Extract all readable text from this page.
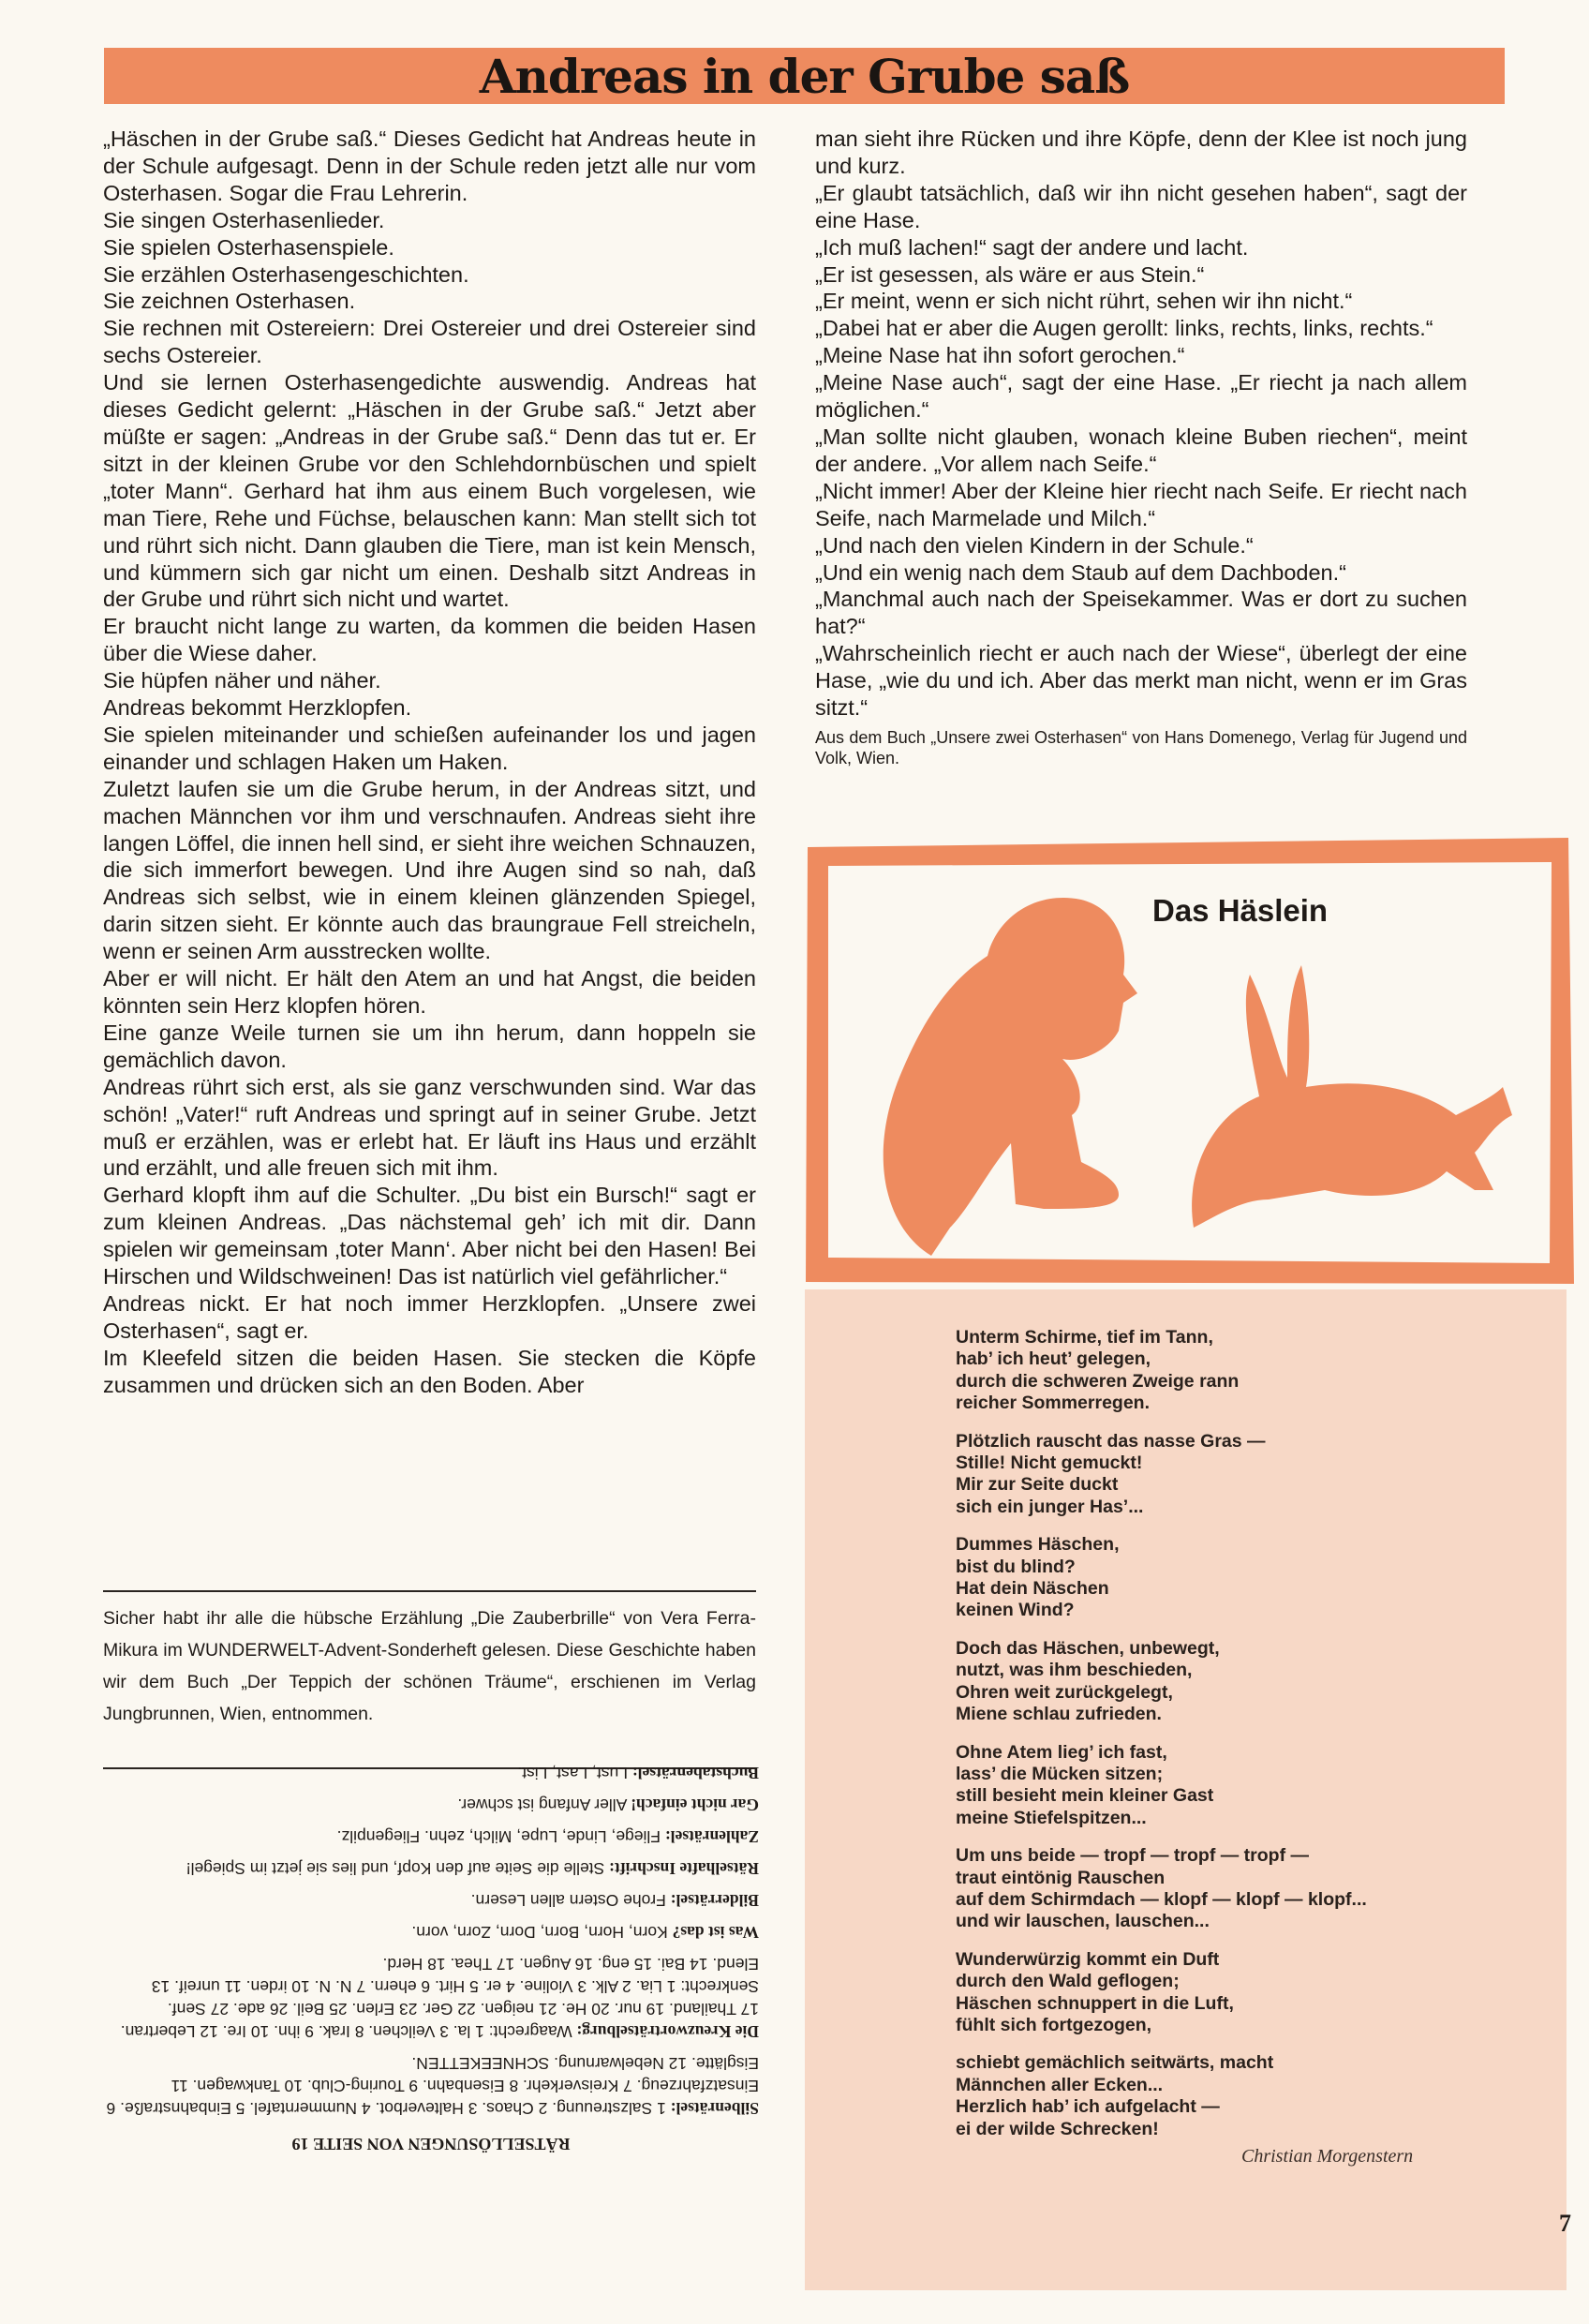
Andreas in der Grube saß

„Häschen in der Grube saß.“ Dieses Gedicht hat Andreas heute in der Schule aufgesagt. Denn in der Schule reden jetzt alle nur vom Osterhasen. Sogar die Frau Lehrerin.

Sie singen Osterhasenlieder.

Sie spielen Osterhasenspiele.

Sie erzählen Osterhasengeschichten.

Sie zeichnen Osterhasen.

Sie rechnen mit Ostereiern: Drei Ostereier und drei Ostereier sind sechs Ostereier.

Und sie lernen Osterhasengedichte auswendig. Andreas hat dieses Gedicht gelernt: „Häschen in der Grube saß.“ Jetzt aber müßte er sagen: „Andreas in der Grube saß.“ Denn das tut er. Er sitzt in der kleinen Grube vor den Schlehdornbüschen und spielt „toter Mann“. Gerhard hat ihm aus einem Buch vorgelesen, wie man Tiere, Rehe und Füchse, belauschen kann: Man stellt sich tot und rührt sich nicht. Dann glauben die Tiere, man ist kein Mensch, und kümmern sich gar nicht um einen. Deshalb sitzt Andreas in der Grube und rührt sich nicht und wartet.

Er braucht nicht lange zu warten, da kommen die beiden Hasen über die Wiese daher.

Sie hüpfen näher und näher.

Andreas bekommt Herzklopfen.

Sie spielen miteinander und schießen aufeinander los und jagen einander und schlagen Haken um Haken.

Zuletzt laufen sie um die Grube herum, in der Andreas sitzt, und machen Männchen vor ihm und verschnaufen. Andreas sieht ihre langen Löffel, die innen hell sind, er sieht ihre weichen Schnauzen, die sich immerfort bewegen. Und ihre Augen sind so nah, daß Andreas sich selbst, wie in einem kleinen glänzenden Spiegel, darin sitzen sieht. Er könnte auch das braungraue Fell streicheln, wenn er seinen Arm ausstrecken wollte.

Aber er will nicht. Er hält den Atem an und hat Angst, die beiden könnten sein Herz klopfen hören.

Eine ganze Weile turnen sie um ihn herum, dann hoppeln sie gemächlich davon.

Andreas rührt sich erst, als sie ganz verschwunden sind. War das schön! „Vater!“ ruft Andreas und springt auf in seiner Grube. Jetzt muß er erzählen, was er erlebt hat. Er läuft ins Haus und erzählt und erzählt, und alle freuen sich mit ihm.

Gerhard klopft ihm auf die Schulter. „Du bist ein Bursch!“ sagt er zum kleinen Andreas. „Das nächstemal geh’ ich mit dir. Dann spielen wir gemeinsam ‚toter Mann‘. Aber nicht bei den Hasen! Bei Hirschen und Wildschweinen! Das ist natürlich viel gefährlicher.“

Andreas nickt. Er hat noch immer Herzklopfen. „Unsere zwei Osterhasen“, sagt er.

Im Kleefeld sitzen die beiden Hasen. Sie stecken die Köpfe zusammen und drücken sich an den Boden. Aber

man sieht ihre Rücken und ihre Köpfe, denn der Klee ist noch jung und kurz.

„Er glaubt tatsächlich, daß wir ihn nicht gesehen haben“, sagt der eine Hase.

„Ich muß lachen!“ sagt der andere und lacht.

„Er ist gesessen, als wäre er aus Stein.“

„Er meint, wenn er sich nicht rührt, sehen wir ihn nicht.“

„Dabei hat er aber die Augen gerollt: links, rechts, links, rechts.“

„Meine Nase hat ihn sofort gerochen.“

„Meine Nase auch“, sagt der eine Hase. „Er riecht ja nach allem möglichen.“

„Man sollte nicht glauben, wonach kleine Buben riechen“, meint der andere. „Vor allem nach Seife.“

„Nicht immer! Aber der Kleine hier riecht nach Seife. Er riecht nach Seife, nach Marmelade und Milch.“

„Und nach den vielen Kindern in der Schule.“

„Und ein wenig nach dem Staub auf dem Dachboden.“

„Manchmal auch nach der Speisekammer. Was er dort zu suchen hat?“

„Wahrscheinlich riecht er auch nach der Wiese“, überlegt der eine Hase, „wie du und ich. Aber das merkt man nicht, wenn er im Gras sitzt.“

Aus dem Buch „Unsere zwei Osterhasen“ von Hans Domenego, Verlag für Jugend und Volk, Wien.

Sicher habt ihr alle die hübsche Erzählung „Die Zauberbrille“ von Vera Ferra-Mikura im WUNDERWELT-Advent-Sonderheft gelesen. Diese Geschichte haben wir dem Buch „Der Teppich der schönen Träume“, erschienen im Verlag Jungbrunnen, Wien, entnommen.
RÄTSELLÖSUNGEN VON SEITE 19

Silbenrätsel: 1 Salzstreuung. 2 Chaos. 3 Halteverbot. 4 Nummerntafel. 5 Einbahnstraße. 6 Einsatzfahrzeug. 7 Kreisverkehr. 8 Eisenbahn. 9 Touring-Club. 10 Tankwagen. 11 Eisglätte. 12 Nebelwarnung. SCHNEEKETTEN.

Die Kreuzworträtselburg: Waagrecht: 1 la. 3 Veilchen. 8 Irak. 9 ihn. 10 Ire. 12 Lebertran. 17 Thailand. 19 nur. 20 He. 21 neigen. 22 Ger. 23 Erlen. 25 Beil. 26 ade. 27 Senf. Senkrecht: 1 Lia. 2 Alk. 3 Violine. 4 er. 5 Hirt. 6 ehern. 7 N. N. 10 irden. 11 unreif. 13 Elend. 14 Bai. 15 eng. 16 Augen. 17 Thea. 18 Herd.

Was ist das? Korn, Horn, Born, Dorn, Zorn, vorn.

Bilderrätsel: Frohe Ostern allen Lesern.

Rätselhafte Inschrift: Stelle die Seite auf den Kopf, und lies sie jetzt im Spiegel!

Zahlenrätsel: Fliege, Linde, Lupe, Milch, zehn. Fliegenpilz.

Gar nicht einfach! Aller Anfang ist schwer.

Buchstabenrätsel: Lust, Last, List.

Das Häslein
Unterm Schirme, tief im Tann,
hab’ ich heut’ gelegen,
durch die schweren Zweige rann
reicher Sommerregen.
Plötzlich rauscht das nasse Gras —
Stille! Nicht gemuckt!
Mir zur Seite duckt
sich ein junger Has’...
Dummes Häschen,
bist du blind?
Hat dein Näschen
keinen Wind?
Doch das Häschen, unbewegt,
nutzt, was ihm beschieden,
Ohren weit zurückgelegt,
Miene schlau zufrieden.
Ohne Atem lieg’ ich fast,
lass’ die Mücken sitzen;
still besieht mein kleiner Gast
meine Stiefelspitzen...
Um uns beide — tropf — tropf — tropf —
traut eintönig Rauschen
auf dem Schirmdach — klopf — klopf — klopf...
und wir lauschen, lauschen...
Wunderwürzig kommt ein Duft
durch den Wald geflogen;
Häschen schnuppert in die Luft,
fühlt sich fortgezogen,
schiebt gemächlich seitwärts, macht
Männchen aller Ecken...
Herzlich hab’ ich aufgelacht —
ei der wilde Schrecken!
Christian Morgenstern
7
